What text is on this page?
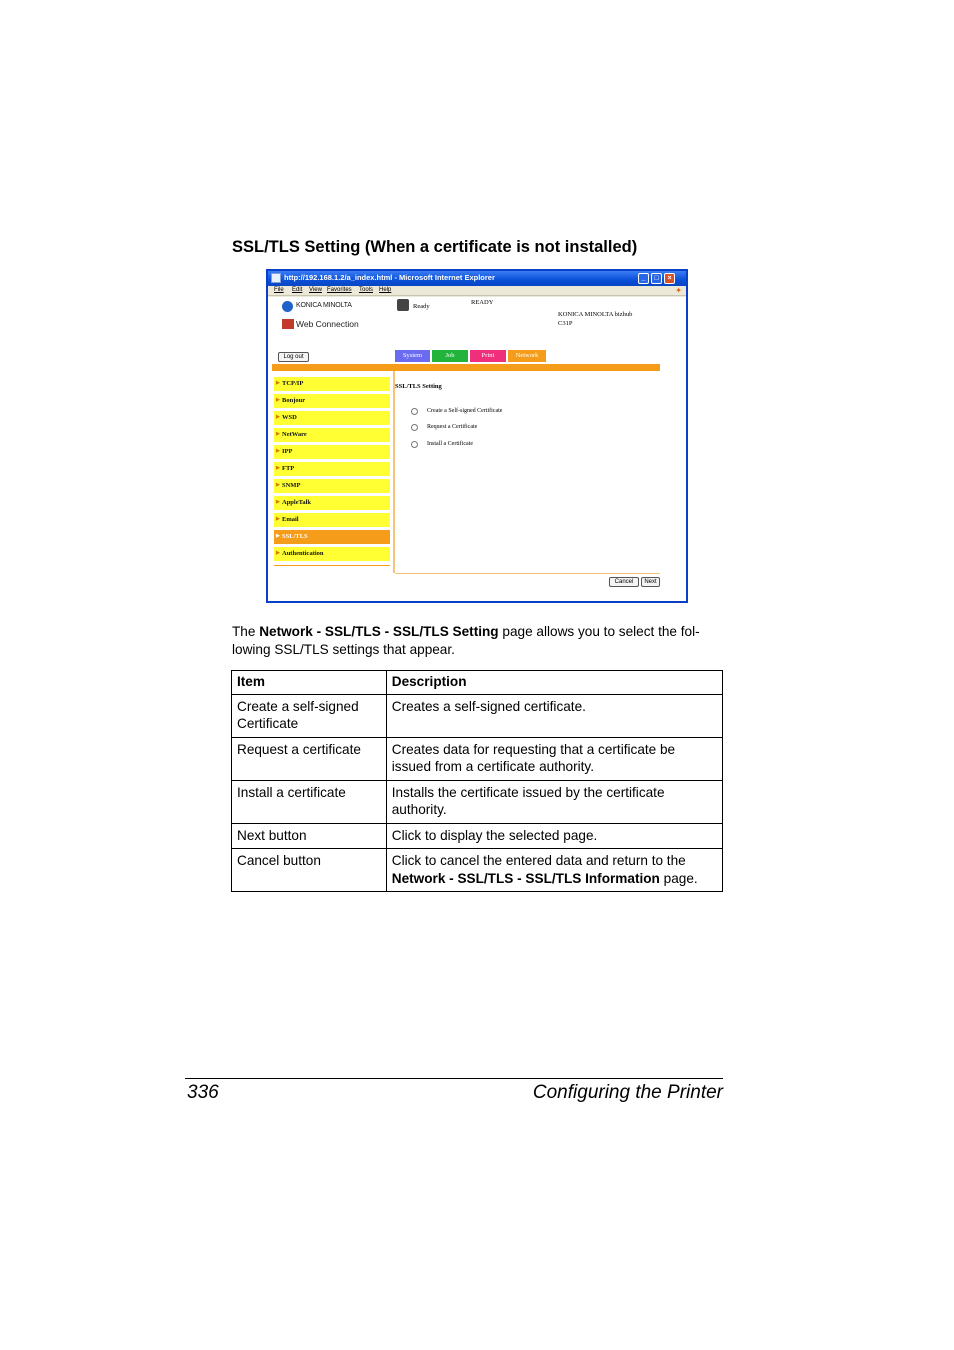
SSL/TLS Setting (When a certificate is not installed)
http://192.168.1.2/a_index.html - Microsoft Internet Explorer	_	□	×
File Edit View Favorites Tools Help	✦
KONICA MINOLTA
Web Connection
Ready
READY
KONICA MINOLTA bizhub
C31P
Log out	System	Job	Print	Network
▶ TCP/IP
▶ Bonjour
▶ WSD
▶ NetWare
▶ IPP
▶ FTP
▶ SNMP
▶ AppleTalk
▶ Email
▶ SSL/TLS
▶ Authentication
SSL/TLS Setting
Create a Self-signed Certificate
Request a Certificate
Install a Certificate
Cancel	Next

The Network - SSL/TLS - SSL/TLS Setting page allows you to select the fol-lowing SSL/TLS settings that appear.

Item	Description
Create a self-signed Certificate	Creates a self-signed certificate.
Request a certificate	Creates data for requesting that a certificate be issued from a certificate authority.
Install a certificate	Installs the certificate issued by the certificate authority.
Next button	Click to display the selected page.
Cancel button	Click to cancel the entered data and return to the
Network - SSL/TLS - SSL/TLS Information page.
336	Configuring the Printer
